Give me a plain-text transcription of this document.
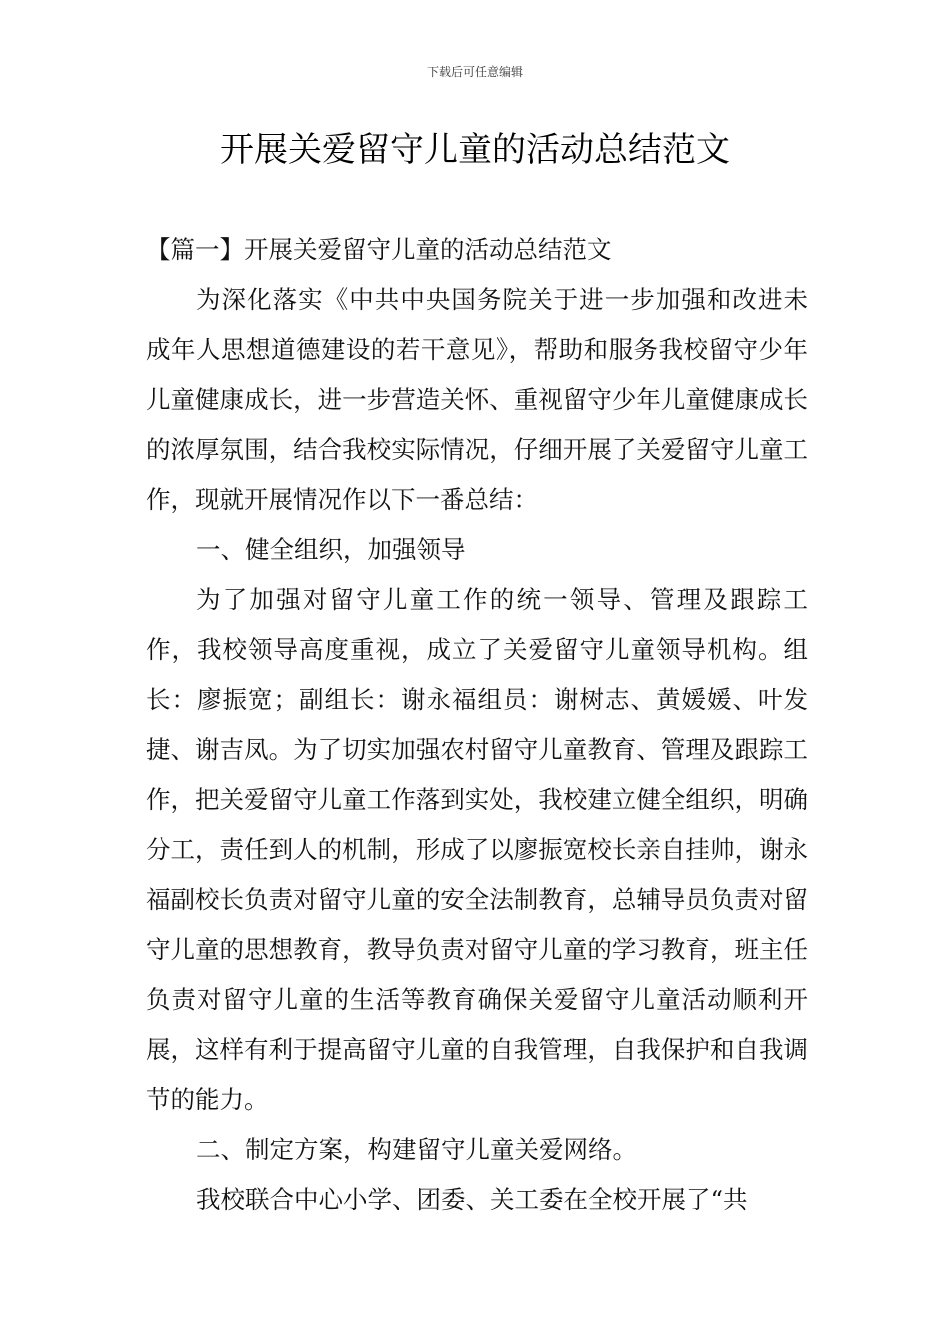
下载后可任意编辑
开展关爱留守儿童的活动总结范文

【篇一】开展关爱留守儿童的活动总结范文

为深化落实《中共中央国务院关于进一步加强和改进未成年人思想道德建设的若干意见》，帮助和服务我校留守少年儿童健康成长，进一步营造关怀、重视留守少年儿童健康成长的浓厚氛围，结合我校实际情况，仔细开展了关爱留守儿童工作，现就开展情况作以下一番总结：

一、健全组织，加强领导

为了加强对留守儿童工作的统一领导、管理及跟踪工作，我校领导高度重视，成立了关爱留守儿童领导机构。组长：廖振宽；副组长：谢永福组员：谢树志、黄媛媛、叶发捷、谢吉凤。为了切实加强农村留守儿童教育、管理及跟踪工作，把关爱留守儿童工作落到实处，我校建立健全组织，明确分工，责任到人的机制，形成了以廖振宽校长亲自挂帅，谢永福副校长负责对留守儿童的安全法制教育，总辅导员负责对留守儿童的思想教育，教导负责对留守儿童的学习教育，班主任负责对留守儿童的生活等教育确保关爱留守儿童活动顺利开展，这样有利于提高留守儿童的自我管理，自我保护和自我调节的能力。

二、制定方案，构建留守儿童关爱网络。

我校联合中心小学、团委、关工委在全校开展了“共
